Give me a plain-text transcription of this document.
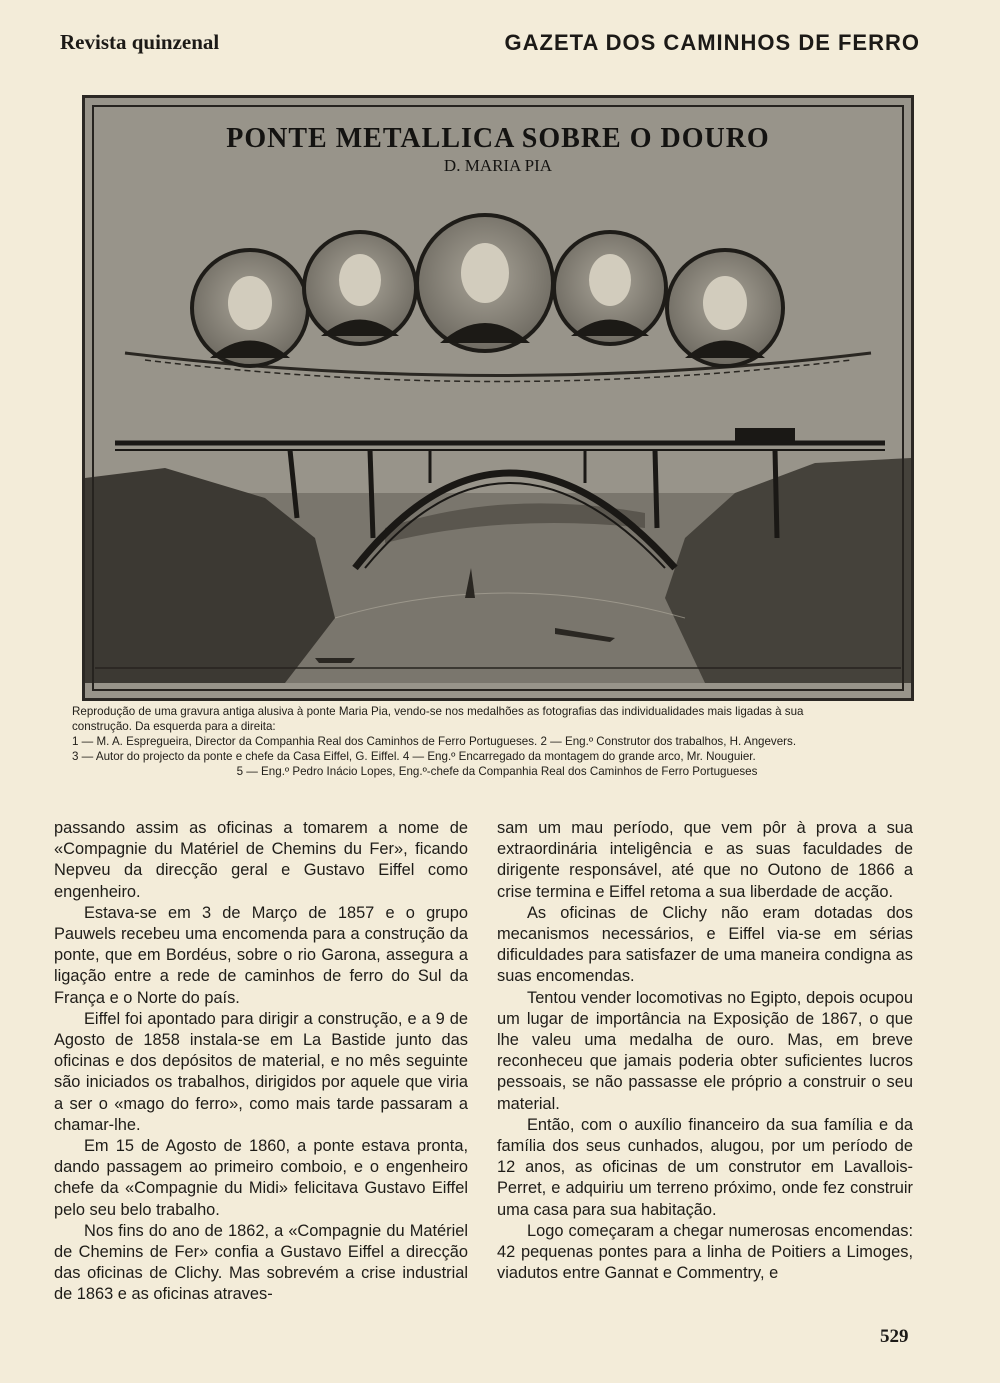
Revista quinzenal	GAZETA DOS CAMINHOS DE FERRO
PONTE METALLICA SOBRE O DOURO
D. MARIA PIA
Reprodução de uma gravura antiga alusiva à ponte Maria Pia, vendo-se nos medalhões as fotografias das individualidades mais ligadas à sua
construção. Da esquerda para a direita:
1 — M. A. Espregueira, Director da Companhia Real dos Caminhos de Ferro Portugueses. 2 — Eng.º Construtor dos trabalhos, H. Angevers.
3 — Autor do projecto da ponte e chefe da Casa Eiffel, G. Eiffel. 4 — Eng.º Encarregado da montagem do grande arco, Mr. Nouguier.
5 — Eng.º Pedro Inácio Lopes, Eng.º-chefe da Companhia Real dos Caminhos de Ferro Portugueses

passando assim as oficinas a tomarem a nome de «Compagnie du Matériel de Chemins du Fer», ficando Nepveu da direcção geral e Gustavo Eiffel como engenheiro.

Estava-se em 3 de Março de 1857 e o grupo Pauwels recebeu uma encomenda para a construção da ponte, que em Bordéus, sobre o rio Garona, assegura a ligação entre a rede de caminhos de ferro do Sul da França e o Norte do país.

Eiffel foi apontado para dirigir a construção, e a 9 de Agosto de 1858 instala-se em La Bastide junto das oficinas e dos depósitos de material, e no mês seguinte são iniciados os trabalhos, dirigidos por aquele que viria a ser o «mago do ferro», como mais tarde passaram a chamar-lhe.

Em 15 de Agosto de 1860, a ponte estava pronta, dando passagem ao primeiro comboio, e o engenheiro chefe da «Compagnie du Midi» felicitava Gustavo Eiffel pelo seu belo trabalho.

Nos fins do ano de 1862, a «Compagnie du Matériel de Chemins de Fer» confia a Gustavo Eiffel a direcção das oficinas de Clichy. Mas sobrevém a crise industrial de 1863 e as oficinas atraves-

sam um mau período, que vem pôr à prova a sua extraordinária inteligência e as suas faculdades de dirigente responsável, até que no Outono de 1866 a crise termina e Eiffel retoma a sua liberdade de acção.

As oficinas de Clichy não eram dotadas dos mecanismos necessários, e Eiffel via-se em sérias dificuldades para satisfazer de uma maneira condigna as suas encomendas.

Tentou vender locomotivas no Egipto, depois ocupou um lugar de importância na Exposição de 1867, o que lhe valeu uma medalha de ouro. Mas, em breve reconheceu que jamais poderia obter suficientes lucros pessoais, se não passasse ele próprio a construir o seu material.

Então, com o auxílio financeiro da sua família e da família dos seus cunhados, alugou, por um período de 12 anos, as oficinas de um construtor em Lavallois-Perret, e adquiriu um terreno próximo, onde fez construir uma casa para sua habitação.

Logo começaram a chegar numerosas encomendas: 42 pequenas pontes para a linha de Poitiers a Limoges, viadutos entre Gannat e Commentry, e

529
